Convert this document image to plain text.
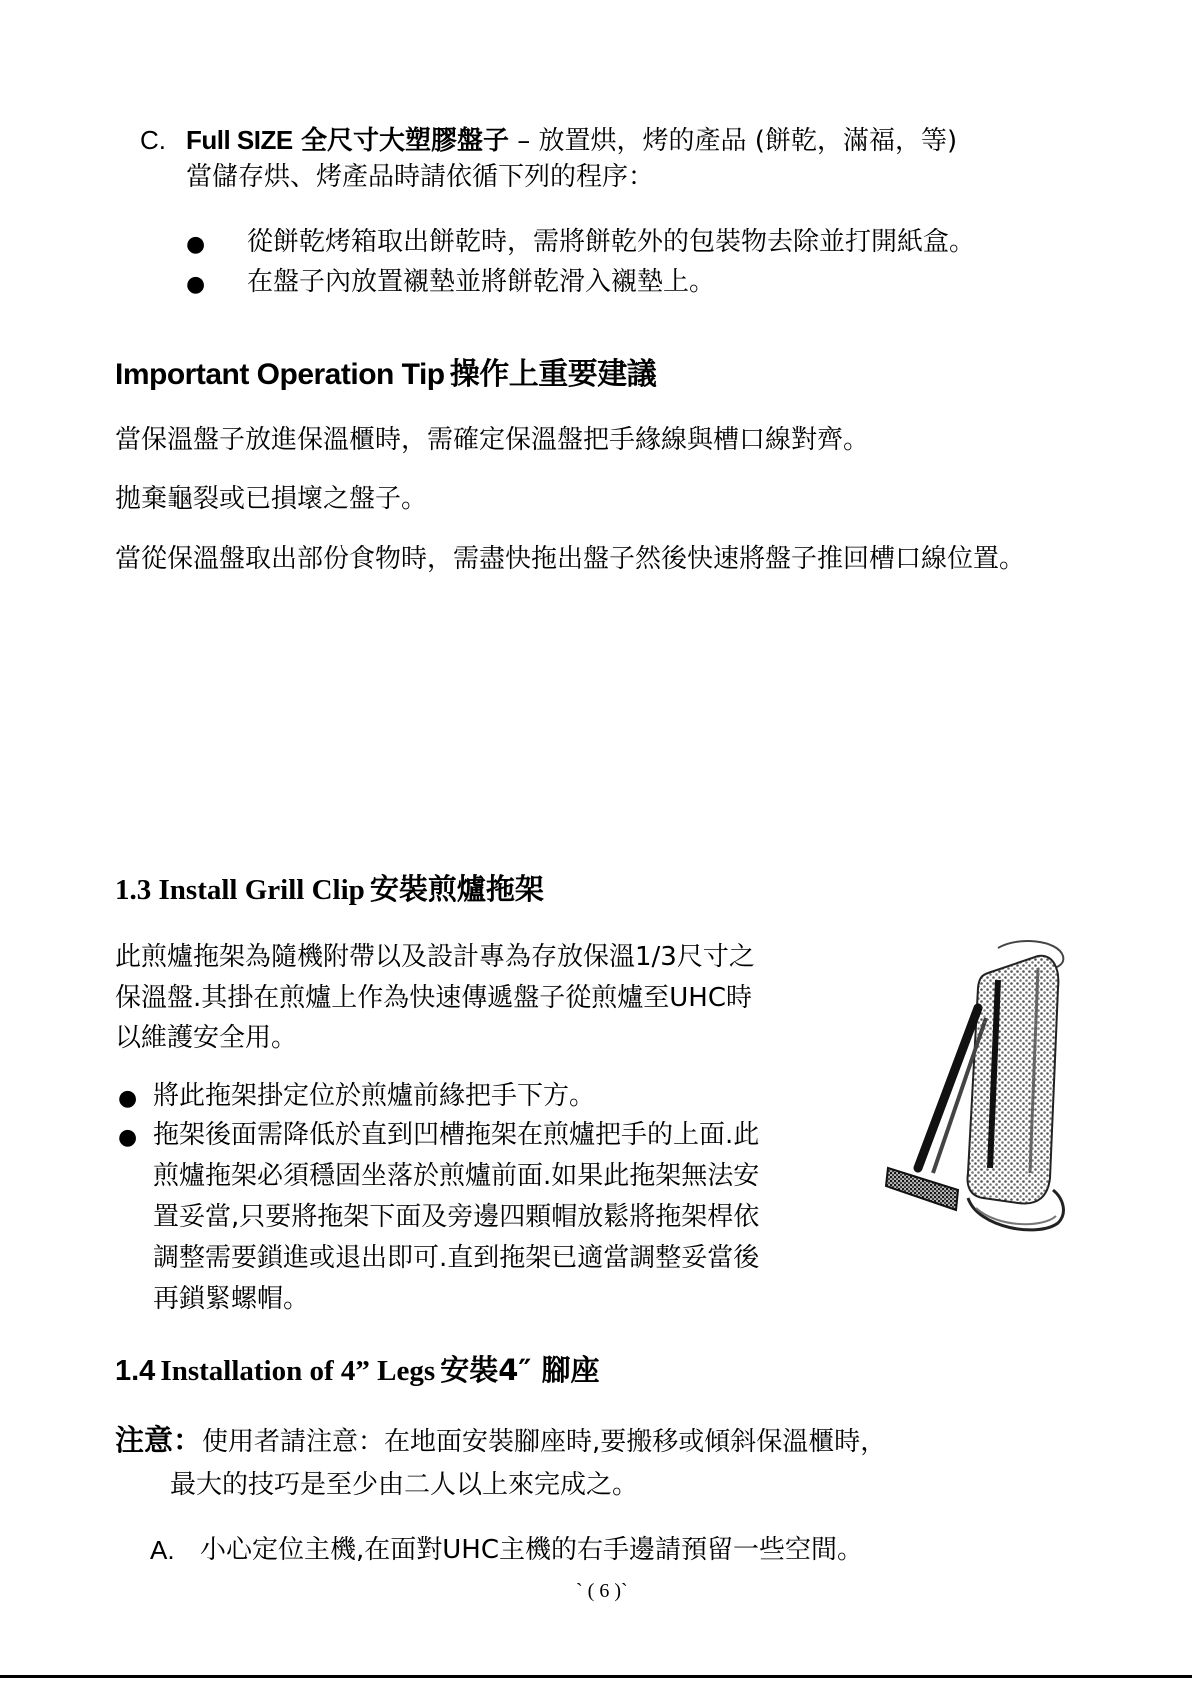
C. Full SIZE 全尺寸大塑膠盤子 – 放置烘，烤的產品 (餅乾，滿福，等)
當儲存烘、烤產品時請依循下列的程序：
● 從餅乾烤箱取出餅乾時，需將餅乾外的包裝物去除並打開紙盒。
● 在盤子內放置襯墊並將餅乾滑入襯墊上。
Important Operation Tip 操作上重要建議
當保溫盤子放進保溫櫃時，需確定保溫盤把手緣線與槽口線對齊。
拋棄龜裂或已損壞之盤子。
當從保溫盤取出部份食物時，需盡快拖出盤子然後快速將盤子推回槽口線位置。
1.3 Install Grill Clip 安裝煎爐拖架
此煎爐拖架為隨機附帶以及設計專為存放保溫1/3尺寸之
保溫盤.其掛在煎爐上作為快速傳遞盤子從煎爐至UHC時
以維護安全用。
● 將此拖架掛定位於煎爐前緣把手下方。
● 拖架後面需降低於直到凹槽拖架在煎爐把手的上面.此
煎爐拖架必須穩固坐落於煎爐前面.如果此拖架無法安
置妥當,只要將拖架下面及旁邊四顆帽放鬆將拖架桿依
調整需要鎖進或退出即可.直到拖架已適當調整妥當後
再鎖緊螺帽。
1.4 Installation of 4” Legs 安裝4″ 腳座
注意：使用者請注意：在地面安裝腳座時,要搬移或傾斜保溫櫃時，
最大的技巧是至少由二人以上來完成之。
A. 小心定位主機,在面對UHC主機的右手邊請預留一些空間。
` ( 6 )`
